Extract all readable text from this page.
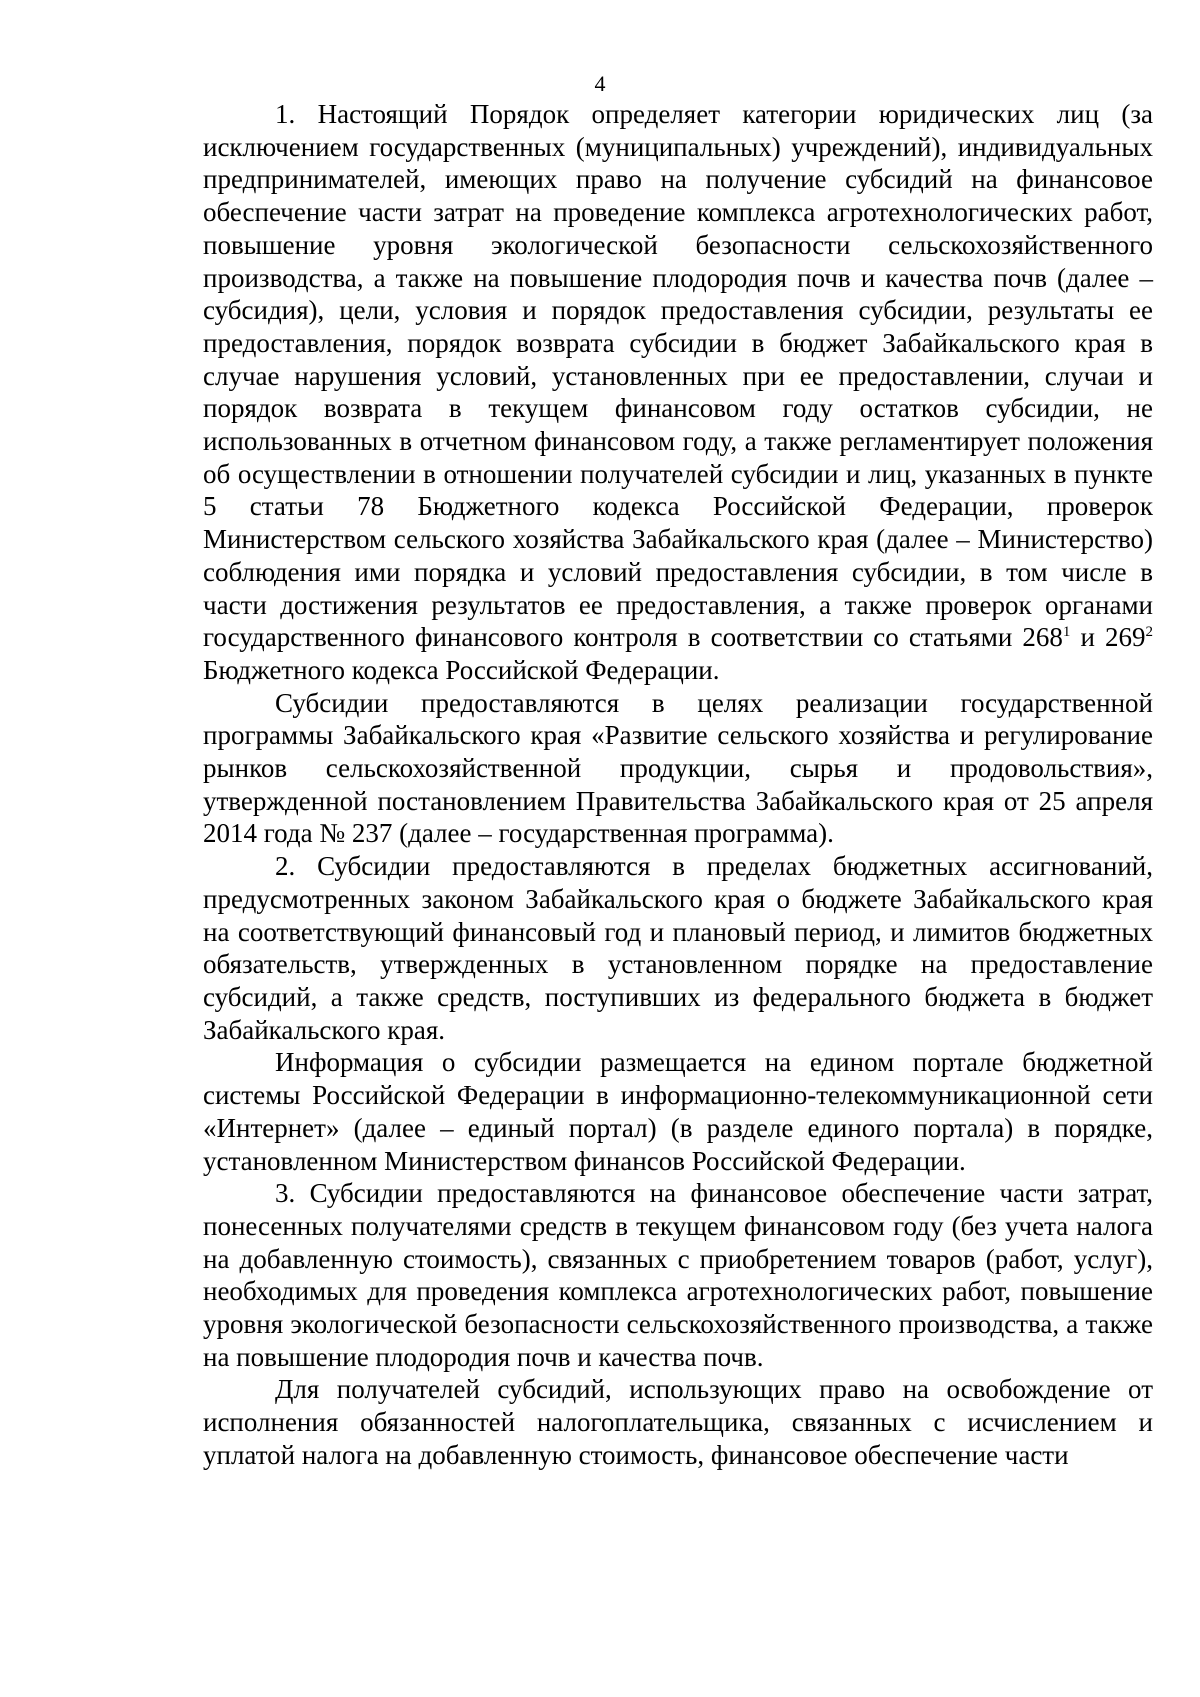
4

1. Настоящий Порядок определяет категории юридических лиц (за исключением государственных (муниципальных) учреждений), индивидуальных предпринимателей, имеющих право на получение субсидий на финансовое обеспечение части затрат на проведение комплекса агротехнологических работ, повышение уровня экологической безопасности сельскохозяйственного производства, а также на повышение плодородия почв и качества почв (далее – субсидия), цели, условия и порядок предоставления субсидии, результаты ее предоставления, порядок возврата субсидии в бюджет Забайкальского края в случае нарушения условий, установленных при ее предоставлении, случаи и порядок возврата в текущем финансовом году остатков субсидии, не использованных в отчетном финансовом году, а также регламентирует положения об осуществлении в отношении получателей субсидии и лиц, указанных в пункте 5 статьи 78 Бюджетного кодекса Российской Федерации, проверок Министерством сельского хозяйства Забайкальского края (далее – Министерство) соблюдения ими порядка и условий предоставления субсидии, в том числе в части достижения результатов ее предоставления, а также проверок органами государственного финансового контроля в соответствии со статьями $268^1$ и $269^2$ Бюджетного кодекса Российской Федерации.

Субсидии предоставляются в целях реализации государственной программы Забайкальского края «Развитие сельского хозяйства и регулирование рынков сельскохозяйственной продукции, сырья и продовольствия», утвержденной постановлением Правительства Забайкальского края от 25 апреля 2014 года № 237 (далее – государственная программа).

2. Субсидии предоставляются в пределах бюджетных ассигнований, предусмотренных законом Забайкальского края о бюджете Забайкальского края на соответствующий финансовый год и плановый период, и лимитов бюджетных обязательств, утвержденных в установленном порядке на предоставление субсидий, а также средств, поступивших из федерального бюджета в бюджет Забайкальского края.

Информация о субсидии размещается на едином портале бюджетной системы Российской Федерации в информационно-телекоммуникационной сети «Интернет» (далее – единый портал) (в разделе единого портала) в порядке, установленном Министерством финансов Российской Федерации.

3. Субсидии предоставляются на финансовое обеспечение части затрат, понесенных получателями средств в текущем финансовом году (без учета налога на добавленную стоимость), связанных с приобретением товаров (работ, услуг), необходимых для проведения комплекса агротехнологических работ, повышение уровня экологической безопасности сельскохозяйственного производства, а также на повышение плодородия почв и качества почв.

Для получателей субсидий, использующих право на освобождение от исполнения обязанностей налогоплательщика, связанных с исчислением и уплатой налога на добавленную стоимость, финансовое обеспечение части
